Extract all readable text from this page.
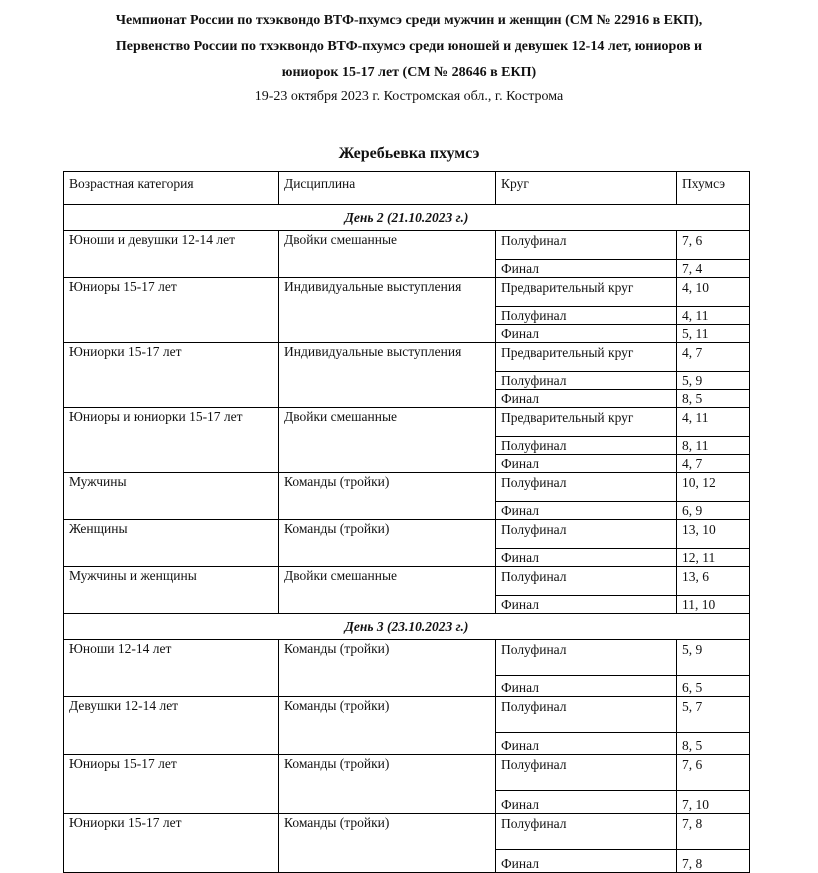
Чемпионат России по тхэквондо ВТФ-пхумсэ среди мужчин и женщин (СМ № 22916 в ЕКП),
Первенство России по тхэквондо ВТФ-пхумсэ среди юношей и девушек 12-14 лет, юниоров и
юниорок 15-17 лет (СМ № 28646 в ЕКП)
19-23 октября 2023 г. Костромская обл., г. Кострома
Жеребьевка пхумсэ
Возрастная категория	Дисциплина	Круг	Пхумсэ
День 2 (21.10.2023 г.)			
Юноши и девушки 12-14 лет	Двойки смешанные	Полуфинал	7, 6
		Финал	7, 4
Юниоры 15-17 лет	Индивидуальные выступления	Предварительный круг	4, 10
		Полуфинал	4, 11
		Финал	5, 11
Юниорки 15-17 лет	Индивидуальные выступления	Предварительный круг	4, 7
		Полуфинал	5, 9
		Финал	8, 5
Юниоры и юниорки 15-17 лет	Двойки смешанные	Предварительный круг	4, 11
		Полуфинал	8, 11
		Финал	4, 7
Мужчины	Команды (тройки)	Полуфинал	10, 12
		Финал	6, 9
Женщины	Команды (тройки)	Полуфинал	13, 10
		Финал	12, 11
Мужчины и женщины	Двойки смешанные	Полуфинал	13, 6
		Финал	11, 10
День 3 (23.10.2023 г.)			
Юноши 12-14 лет	Команды (тройки)	Полуфинал	5, 9
		Финал	6, 5
Девушки 12-14 лет	Команды (тройки)	Полуфинал	5, 7
		Финал	8, 5
Юниоры 15-17 лет	Команды (тройки)	Полуфинал	7, 6
		Финал	7, 10
Юниорки 15-17 лет	Команды (тройки)	Полуфинал	7, 8
		Финал	7, 8
